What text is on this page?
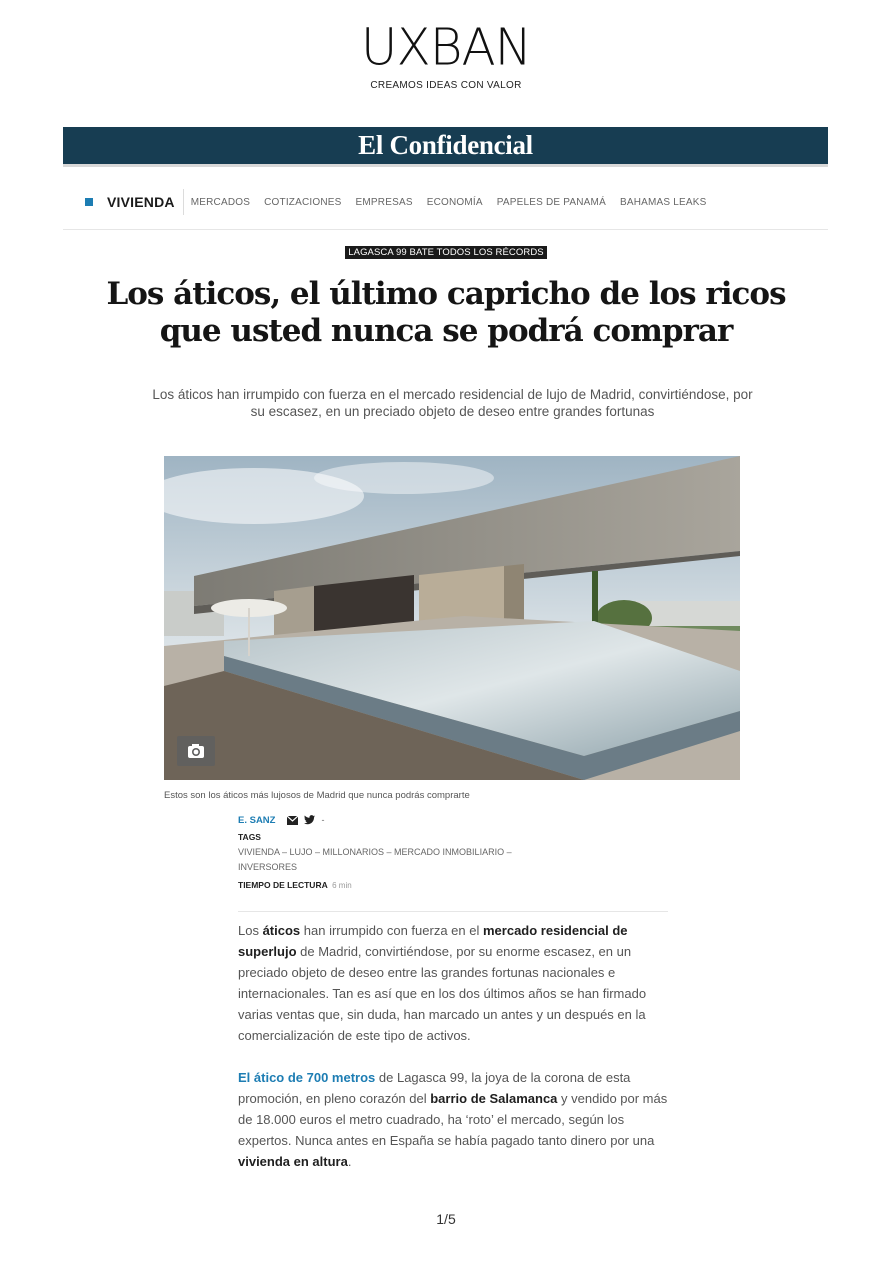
UXBAN
CREAMOS IDEAS CON VALOR
El Confidencial
VIVIENDA MERCADOS COTIZACIONES EMPRESAS ECONOMÍA PAPELES DE PANAMÁ BAHAMAS LEAKS
LAGASCA 99 BATE TODOS LOS RÉCORDS
Los áticos, el último capricho de los ricos que usted nunca se podrá comprar

Los áticos han irrumpido con fuerza en el mercado residencial de lujo de Madrid, convirtiéndose, por su escasez, en un preciado objeto de deseo entre grandes fortunas

Estos son los áticos más lujosos de Madrid que nunca podrás comprarte
E. SANZ	-
TAGS
VIVIENDA – LUJO – MILLONARIOS – MERCADO INMOBILIARIO –
INVERSORES
TIEMPO DE LECTURA 6 min

Los áticos han irrumpido con fuerza en el mercado residencial de superlujo de Madrid, convirtiéndose, por su enorme escasez, en un preciado objeto de deseo entre las grandes fortunas nacionales e internacionales. Tan es así que en los dos últimos años se han firmado varias ventas que, sin duda, han marcado un antes y un después en la comercialización de este tipo de activos.

El ático de 700 metros de Lagasca 99, la joya de la corona de esta promoción, en pleno corazón del barrio de Salamanca y vendido por más de 18.000 euros el metro cuadrado, ha ‘roto’ el mercado, según los expertos. Nunca antes en España se había pagado tanto dinero por una vivienda en altura.

1/5
